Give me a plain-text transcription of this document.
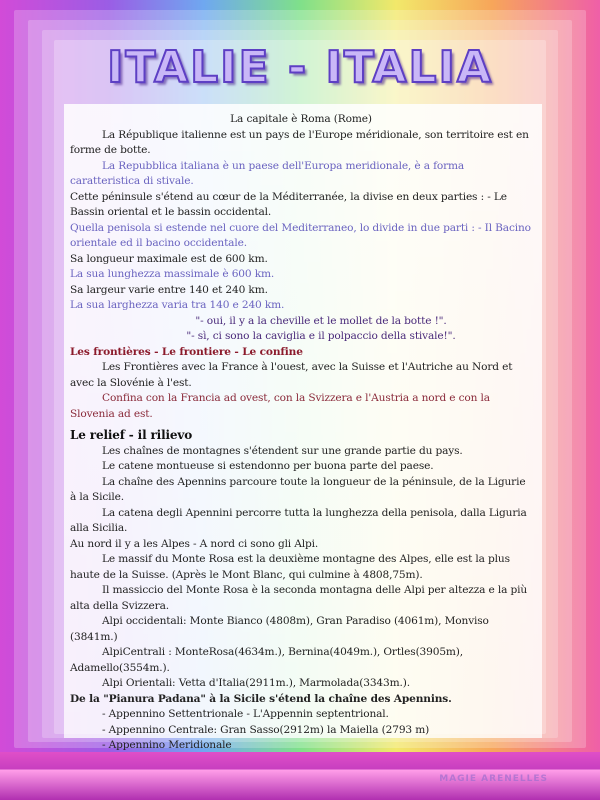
MAGIE ARENELLES
ITALIE - ITALIA

La capitale è Roma (Rome)

La République italienne est un pays de l'Europe méridionale, son territoire est en forme de botte.

La Repubblica italiana è un paese dell'Europa meridionale, è a forma caratteristica di stivale.

Cette péninsule s'étend au cœur de la Méditerranée, la divise en deux parties : - Le Bassin oriental et le bassin occidental.

Quella penisola si estende nel cuore del Mediterraneo, lo divide in due parti : - Il Bacino orientale ed il bacino occidentale.

Sa longueur maximale est de 600 km.

La sua lunghezza massimale è 600 km.

Sa largeur varie entre 140 et 240 km.

La sua larghezza varia tra 140 e 240 km.

"- oui, il y a la cheville et le mollet de la botte !".

"- sì, ci sono la caviglia e il polpaccio della stivale!".

Les frontières - Le frontiere - Le confine

Les Frontières avec la France à l'ouest, avec la Suisse et l'Autriche au Nord et avec la Slovénie à l'est.

Confina con la Francia ad ovest, con la Svizzera e l'Austria a nord e con la Slovenia ad est.

Le relief - il rilievo

Les chaînes de montagnes s'étendent sur une grande partie du pays.

Le catene montueuse si estendonno per buona parte del paese.

La chaîne des Apennins parcoure toute la longueur de la péninsule, de la Ligurie à la Sicile.

La catena degli Apennini percorre tutta la lunghezza della penisola, dalla Liguria alla Sicilia.

Au nord il y a les Alpes - A nord ci sono gli Alpi.

Le massif du Monte Rosa est la deuxième montagne des Alpes, elle est la plus haute de la Suisse. (Après le Mont Blanc, qui culmine à 4808,75m).

Il massiccio del Monte Rosa è la seconda montagna delle Alpi per altezza e la più alta della Svizzera.

Alpi occidentali: Monte Bianco (4808m), Gran Paradiso (4061m), Monviso (3841m.)

AlpiCentrali : MonteRosa(4634m.), Bernina(4049m.), Ortles(3905m), Adamello(3554m.).

Alpi Orientali: Vetta d'Italia(2911m.), Marmolada(3343m.).

De la "Pianura Padana" à la Sicile s'étend la chaîne des Apennins.

- Appennino Settentrionale - L'Appennin septentrional.

- Appennino Centrale: Gran Sasso(2912m) la Maiella (2793 m)

- Appennino Meridionale
